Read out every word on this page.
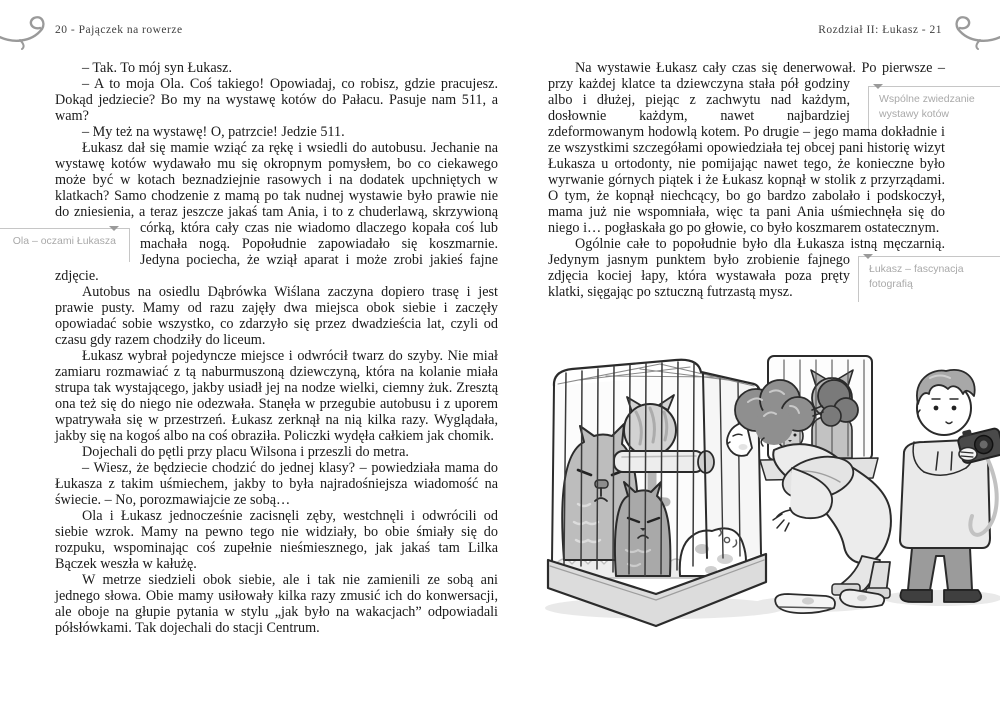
20 - Pajączek na rowerze
Ola – oczami Łukasza

– Tak. To mój syn Łukasz.

– A to moja Ola. Coś takiego! Opowiadaj, co robisz, gdzie pracujesz. Dokąd jedziecie? Bo my na wystawę kotów do Pałacu. Pasuje nam 511, a wam?

– My też na wystawę! O, patrzcie! Jedzie 511.

Łukasz dał się mamie wziąć za rękę i wsiedli do autobusu. Jechanie na wystawę kotów wydawało mu się okropnym pomysłem, bo co ciekawego może być w kotach beznadziejnie rasowych i na dodatek upchniętych w klatkach? Samo chodzenie z mamą po tak nudnej wystawie było prawie nie do zniesienia, a teraz jeszcze jakaś tam Ania, i to z chuderlawą, skrzywioną córką, która cały czas nie wiadomo dlaczego kopała coś lub machała nogą. Popołudnie zapowiadało się koszmarnie. Jedyna pociecha, że wziął aparat i może zrobi jakieś fajne zdjęcie.

Autobus na osiedlu Dąbrówka Wiślana zaczyna dopiero trasę i jest prawie pusty. Mamy od razu zajęły dwa miejsca obok siebie i zaczęły opowiadać sobie wszystko, co zdarzyło się przez dwadzieścia lat, czyli od czasu gdy razem chodziły do liceum.

Łukasz wybrał pojedyncze miejsce i odwrócił twarz do szyby. Nie miał zamiaru rozmawiać z tą naburmuszoną dziewczyną, która na kolanie miała strupa tak wystającego, jakby usiadł jej na nodze wielki, ciemny żuk. Zresztą ona też się do niego nie odezwała. Stanęła w przegubie autobusu i z uporem wpatrywała się w przestrzeń. Łukasz zerknął na nią kilka razy. Wyglądała, jakby się na kogoś albo na coś obraziła. Policzki wydęła całkiem jak chomik.

Dojechali do pętli przy placu Wilsona i przeszli do metra.

– Wiesz, że będziecie chodzić do jednej klasy? – powiedziała mama do Łukasza z takim uśmiechem, jakby to była najradośniejsza wiadomość na świecie. – No, porozmawiajcie ze sobą…

Ola i Łukasz jednocześnie zacisnęli zęby, westchnęli i odwrócili od siebie wzrok. Mamy na pewno tego nie widziały, bo obie śmiały się do rozpuku, wspominając coś zupełnie nieśmiesznego, jak jakaś tam Lilka Bączek weszła w kałużę.

W metrze siedzieli obok siebie, ale i tak nie zamienili ze sobą ani jednego słowa. Obie mamy usiłowały kilka razy zmusić ich do konwersacji, ale oboje na głupie pytania w stylu „jak było na wakacjach” odpowiadali półsłówkami. Tak dojechali do stacji Centrum.

Rozdział II: Łukasz - 21
Wspólne zwiedzanie wystawy kotów
Łukasz – fascynacja fotografią

Na wystawie Łukasz cały czas się denerwował. Po pierwsze – przy każdej klatce ta dziewczyna stała pół godziny albo i dłużej, piejąc z zachwytu nad każdym, dosłownie każdym, nawet najbardziej zdeformowanym hodowlą kotem. Po drugie – jego mama dokładnie i ze wszystkimi szczegółami opowiedziała tej obcej pani historię wizyt Łukasza u ortodonty, nie pomijając nawet tego, że konieczne było wyrwanie górnych piątek i że Łukasz kopnął w stolik z przyrządami. O tym, że kopnął niechcący, bo go bardzo zabolało i podskoczył, mama już nie wspomniała, więc ta pani Ania uśmiechnęła się do niego i… pogłaskała go po głowie, co było koszmarem ostatecznym.

Ogólnie całe to popołudnie było dla Łukasza istną męczarnią. Jedynym jasnym punktem było zrobienie fajnego zdjęcia kociej łapy, która wystawała poza pręty klatki, sięgając po sztuczną futrzastą mysz.
